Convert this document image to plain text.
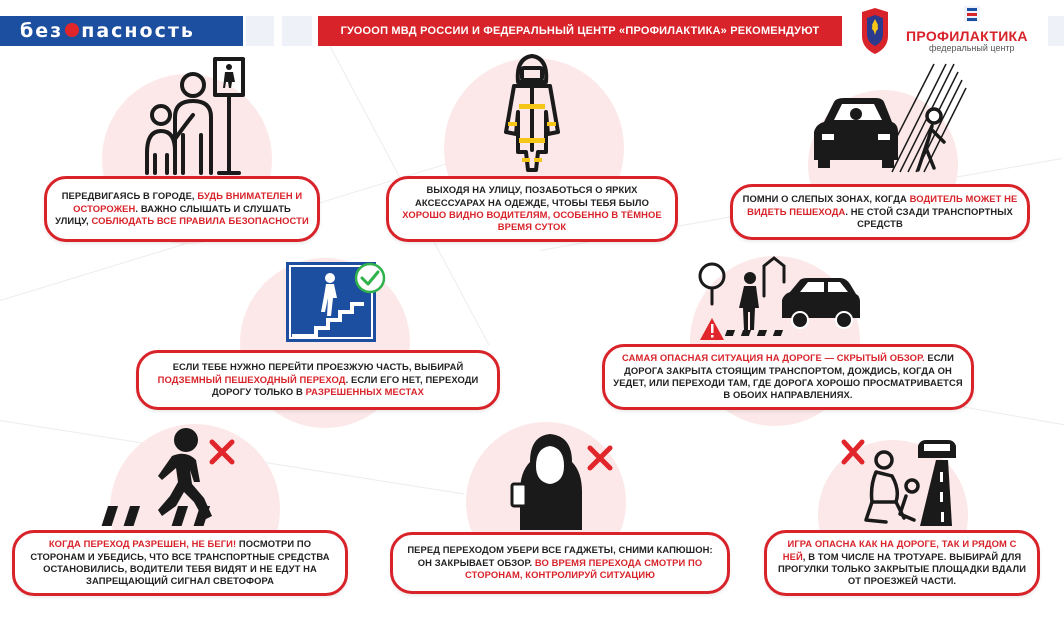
без пасность	ГУОООП МВД РОССИИ И ФЕДЕРАЛЬНЫЙ ЦЕНТР «ПРОФИЛАКТИКА» РЕКОМЕНДУЮТ	ПРОФИЛАКТИКА
федеральный центр
ПЕРЕДВИГАЯСЬ В ГОРОДЕ, БУДЬ ВНИМАТЕЛЕН И ОСТОРОЖЕН. ВАЖНО СЛЫШАТЬ И СЛУШАТЬ УЛИЦУ, СОБЛЮДАТЬ ВСЕ ПРАВИЛА БЕЗОПАСНОСТИ
ВЫХОДЯ НА УЛИЦУ, ПОЗАБОТЬСЯ О ЯРКИХ АКСЕССУАРАХ НА ОДЕЖДЕ, ЧТОБЫ ТЕБЯ БЫЛО ХОРОШО ВИДНО ВОДИТЕЛЯМ, ОСОБЕННО В ТЁМНОЕ ВРЕМЯ СУТОК
ПОМНИ О СЛЕПЫХ ЗОНАХ, КОГДА ВОДИТЕЛЬ МОЖЕТ НЕ ВИДЕТЬ ПЕШЕХОДА. НЕ СТОЙ СЗАДИ ТРАНСПОРТНЫХ СРЕДСТВ
ЕСЛИ ТЕБЕ НУЖНО ПЕРЕЙТИ ПРОЕЗЖУЮ ЧАСТЬ, ВЫБИРАЙ ПОДЗЕМНЫЙ ПЕШЕХОДНЫЙ ПЕРЕХОД. ЕСЛИ ЕГО НЕТ, ПЕРЕХОДИ ДОРОГУ ТОЛЬКО В РАЗРЕШЕННЫХ МЕСТАХ
САМАЯ ОПАСНАЯ СИТУАЦИЯ НА ДОРОГЕ — СКРЫТЫЙ ОБЗОР. ЕСЛИ ДОРОГА ЗАКРЫТА СТОЯЩИМ ТРАНСПОРТОМ, ДОЖДИСЬ, КОГДА ОН УЕДЕТ, ИЛИ ПЕРЕХОДИ ТАМ, ГДЕ ДОРОГА ХОРОШО ПРОСМАТРИВАЕТСЯ В ОБОИХ НАПРАВЛЕНИЯХ.
КОГДА ПЕРЕХОД РАЗРЕШЕН, НЕ БЕГИ! ПОСМОТРИ ПО СТОРОНАМ И УБЕДИСЬ, ЧТО ВСЕ ТРАНСПОРТНЫЕ СРЕДСТВА ОСТАНОВИЛИСЬ, ВОДИТЕЛИ ТЕБЯ ВИДЯТ И НЕ ЕДУТ НА ЗАПРЕЩАЮЩИЙ СИГНАЛ СВЕТОФОРА
ПЕРЕД ПЕРЕХОДОМ УБЕРИ ВСЕ ГАДЖЕТЫ, СНИМИ КАПЮШОН: ОН ЗАКРЫВАЕТ ОБЗОР. ВО ВРЕМЯ ПЕРЕХОДА СМОТРИ ПО СТОРОНАМ, КОНТРОЛИРУЙ СИТУАЦИЮ
ИГРА ОПАСНА КАК НА ДОРОГЕ, ТАК И РЯДОМ С НЕЙ, В ТОМ ЧИСЛЕ НА ТРОТУАРЕ. ВЫБИРАЙ ДЛЯ ПРОГУЛКИ ТОЛЬКО ЗАКРЫТЫЕ ПЛОЩАДКИ ВДАЛИ ОТ ПРОЕЗЖЕЙ ЧАСТИ.
